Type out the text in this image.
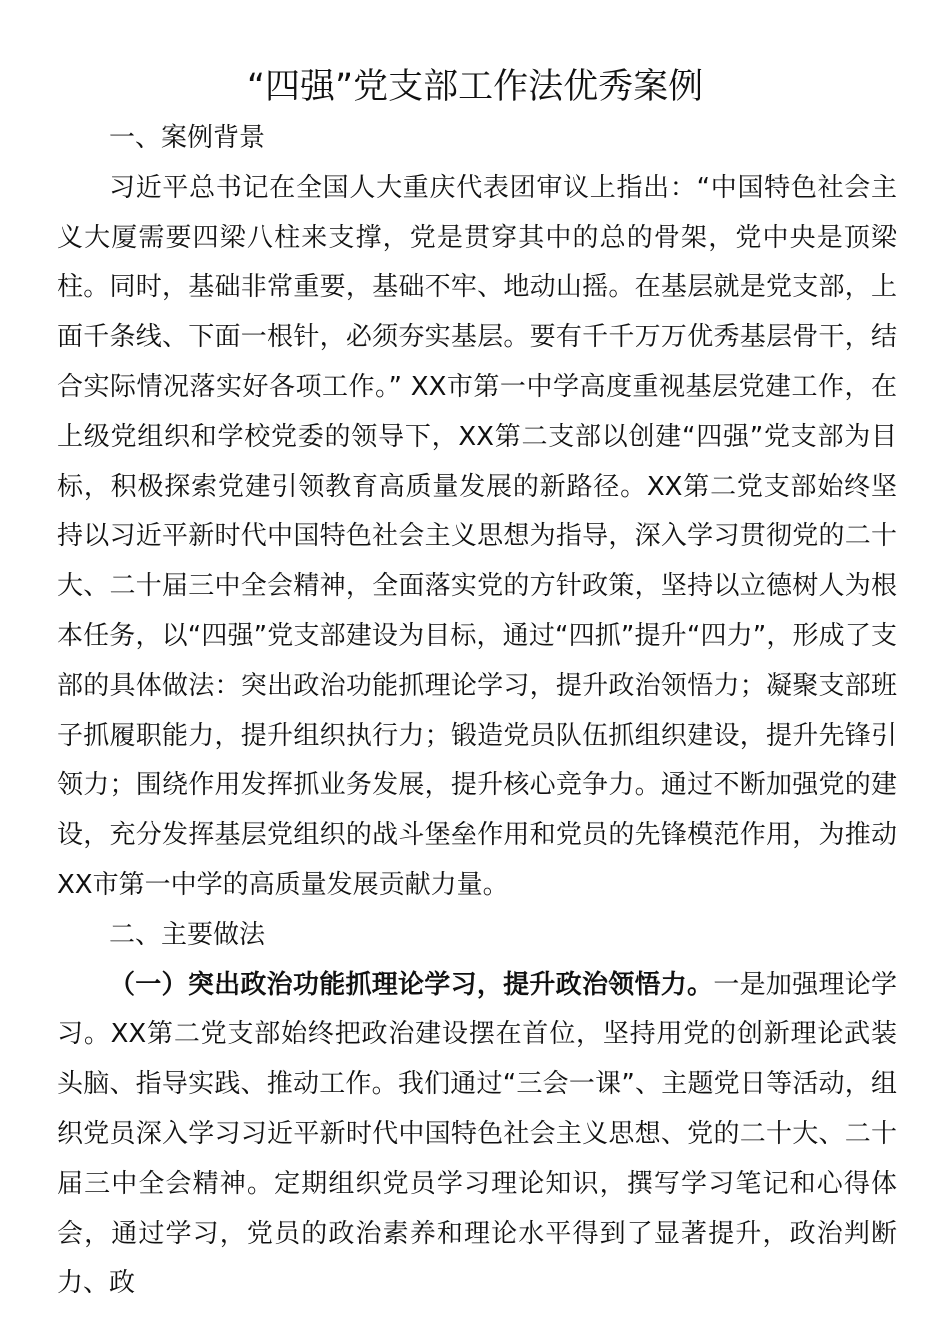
“四强”党支部工作法优秀案例

一、案例背景

习近平总书记在全国人大重庆代表团审议上指出：“中国特色社会主义大厦需要四梁八柱来支撑，党是贯穿其中的总的骨架，党中央是顶梁柱。同时，基础非常重要，基础不牢、地动山摇。在基层就是党支部，上面千条线、下面一根针，必须夯实基层。要有千千万万优秀基层骨干，结合实际情况落实好各项工作。” XX市第一中学高度重视基层党建工作，在上级党组织和学校党委的领导下，XX第二支部以创建“四强”党支部为目标，积极探索党建引领教育高质量发展的新路径。XX第二党支部始终坚持以习近平新时代中国特色社会主义思想为指导，深入学习贯彻党的二十大、二十届三中全会精神，全面落实党的方针政策，坚持以立德树人为根本任务，以“四强”党支部建设为目标，通过“四抓”提升“四力”，形成了支部的具体做法：突出政治功能抓理论学习，提升政治领悟力；凝聚支部班子抓履职能力，提升组织执行力；锻造党员队伍抓组织建设，提升先锋引领力；围绕作用发挥抓业务发展，提升核心竞争力。通过不断加强党的建设，充分发挥基层党组织的战斗堡垒作用和党员的先锋模范作用，为推动XX市第一中学的高质量发展贡献力量。

二、主要做法

（一）突出政治功能抓理论学习，提升政治领悟力。一是加强理论学习。XX第二党支部始终把政治建设摆在首位，坚持用党的创新理论武装头脑、指导实践、推动工作。我们通过“三会一课”、主题党日等活动，组织党员深入学习习近平新时代中国特色社会主义思想、党的二十大、二十届三中全会精神。定期组织党员学习理论知识，撰写学习笔记和心得体会，通过学习，党员的政治素养和理论水平得到了显著提升，政治判断力、政
